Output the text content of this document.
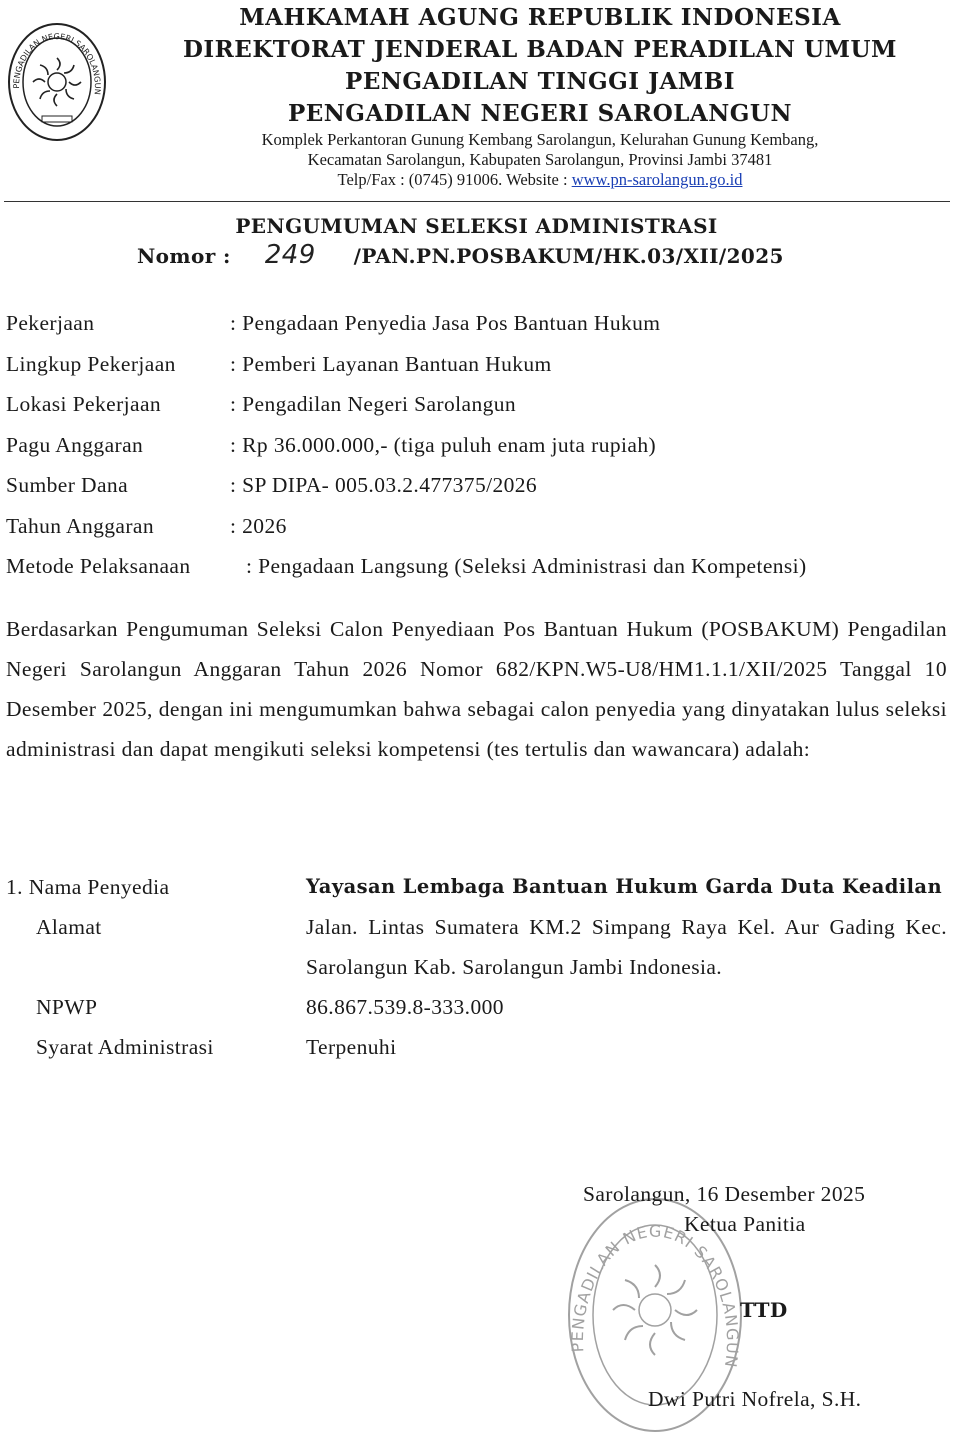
PENGADILAN NEGERI SAROLANGUN
MAHKAMAH AGUNG REPUBLIK INDONESIA
DIREKTORAT JENDERAL BADAN PERADILAN UMUM
PENGADILAN TINGGI JAMBI
PENGADILAN NEGERI SAROLANGUN
Komplek Perkantoran Gunung Kembang Sarolangun, Kelurahan Gunung Kembang,
Kecamatan Sarolangun, Kabupaten Sarolangun, Provinsi Jambi 37481
Telp/Fax : (0745) 91006. Website : www.pn-sarolangun.go.id
PENGUMUMAN SELEKSI ADMINISTRASI
Nomor : 249 /PAN.PN.POSBAKUM/HK.03/XII/2025
Pekerjaan	: Pengadaan Penyedia Jasa Pos Bantuan Hukum
Lingkup Pekerjaan	: Pemberi Layanan Bantuan Hukum
Lokasi Pekerjaan	: Pengadilan Negeri Sarolangun
Pagu Anggaran	: Rp 36.000.000,- (tiga puluh enam juta rupiah)
Sumber Dana	: SP DIPA- 005.03.2.477375/2026
Tahun Anggaran	: 2026
Metode Pelaksanaan	: Pengadaan Langsung (Seleksi Administrasi dan Kompetensi)
Berdasarkan Pengumuman Seleksi Calon Penyediaan Pos Bantuan Hukum (POSBAKUM) Pengadilan Negeri Sarolangun Anggaran Tahun 2026 Nomor 682/KPN.W5-U8/HM1.1.1/XII/2025 Tanggal 10 Desember 2025, dengan ini mengumumkan bahwa sebagai calon penyedia yang dinyatakan lulus seleksi administrasi dan dapat mengikuti seleksi kompetensi (tes tertulis dan wawancara) adalah:
1. Nama Penyedia	Yayasan Lembaga Bantuan Hukum Garda Duta Keadilan
Alamat	Jalan. Lintas Sumatera KM.2 Simpang Raya Kel. Aur Gading Kec. Sarolangun Kab. Sarolangun Jambi Indonesia.
NPWP	86.867.539.8-333.000
Syarat Administrasi	Terpenuhi
PENGADILAN NEGERI SAROLANGUN
Sarolangun, 16 Desember 2025
Ketua Panitia
TTD
Dwi Putri Nofrela, S.H.
